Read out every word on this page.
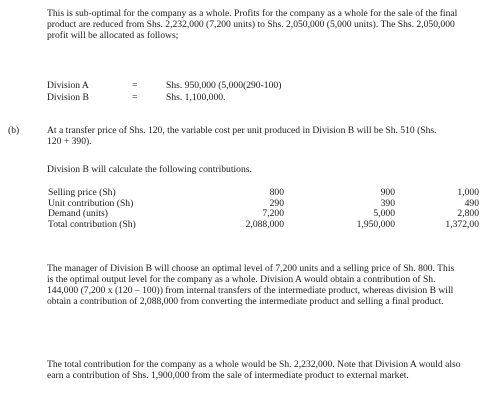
This is sub-optimal for the company as a whole. Profits for the company as a whole for the sale of the final product are reduced from Shs. 2,232,000 (7,200 units) to Shs. 2,050,000 (5,000 units). The Shs. 2,050,000 profit will be allocated as follows;

Division A	=	Shs. 950,000 (5,000(290-100)
Division B	=	Shs. 1,100,000.
(b)	At a transfer price of Shs. 120, the variable cost per unit produced in Division B will be Sh. 510 (Shs. 120 + 390).

Division B will calculate the following contributions.

Selling price (Sh)	800	900	1,000
Unit contribution (Sh)	290	390	490
Demand (units)	7,200	5,000	2,800
Total contribution (Sh)	2,088,000	1,950,000	1,372,00

The manager of Division B will choose an optimal level of 7,200 units and a selling price of Sh. 800. This is the optimal output level for the company as a whole. Division A would obtain a contribution of Sh. 144,000 (7,200 x (120 – 100)) from internal transfers of the intermediate product, whereas division B will obtain a contribution of 2,088,000 from converting the intermediate product and selling a final product.

The total contribution for the company as a whole would be Sh. 2,232,000. Note that Division A would also earn a contribution of Shs. 1,900,000 from the sale of intermediate product to external market.
